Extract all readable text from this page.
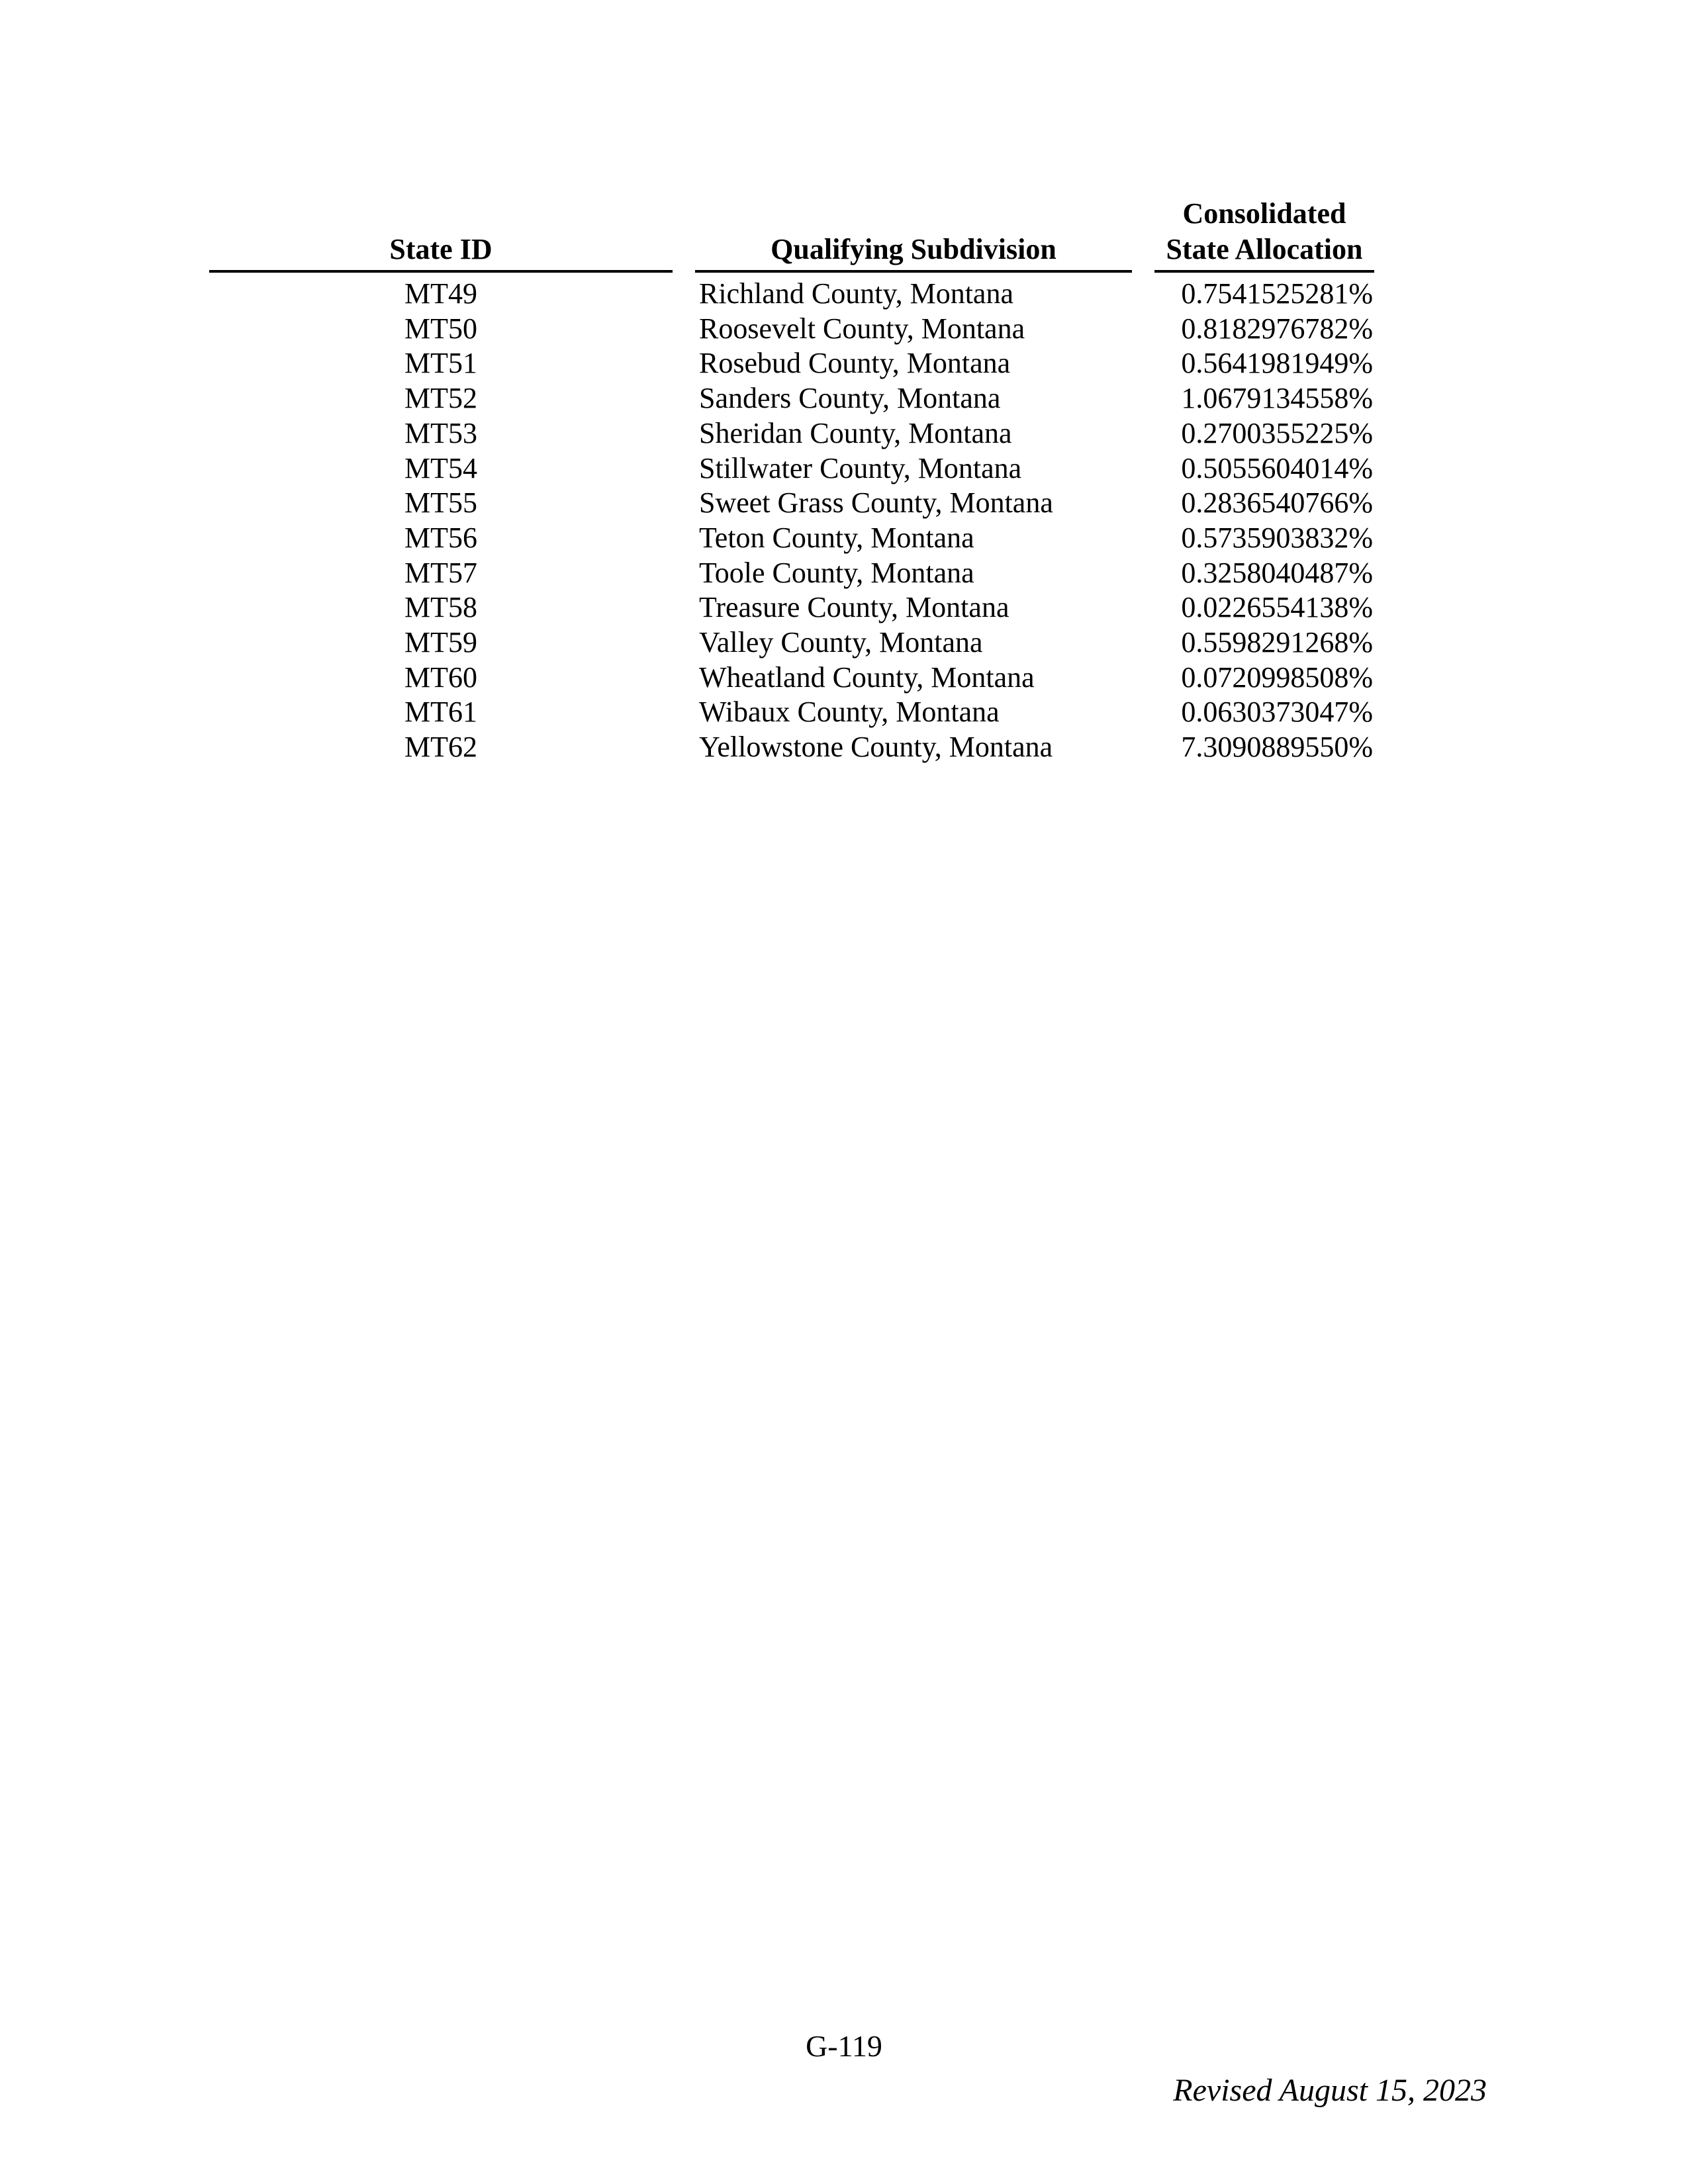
State ID		Qualifying Subdivision		Consolidated
State Allocation

MT49		Richland County, Montana		0.7541525281%
MT50		Roosevelt County, Montana		0.8182976782%
MT51		Rosebud County, Montana		0.5641981949%
MT52		Sanders County, Montana		1.0679134558%
MT53		Sheridan County, Montana		0.2700355225%
MT54		Stillwater County, Montana		0.5055604014%
MT55		Sweet Grass County, Montana		0.2836540766%
MT56		Teton County, Montana		0.5735903832%
MT57		Toole County, Montana		0.3258040487%
MT58		Treasure County, Montana		0.0226554138%
MT59		Valley County, Montana		0.5598291268%
MT60		Wheatland County, Montana		0.0720998508%
MT61		Wibaux County, Montana		0.0630373047%
MT62		Yellowstone County, Montana		7.3090889550%
G-119
Revised August 15, 2023
